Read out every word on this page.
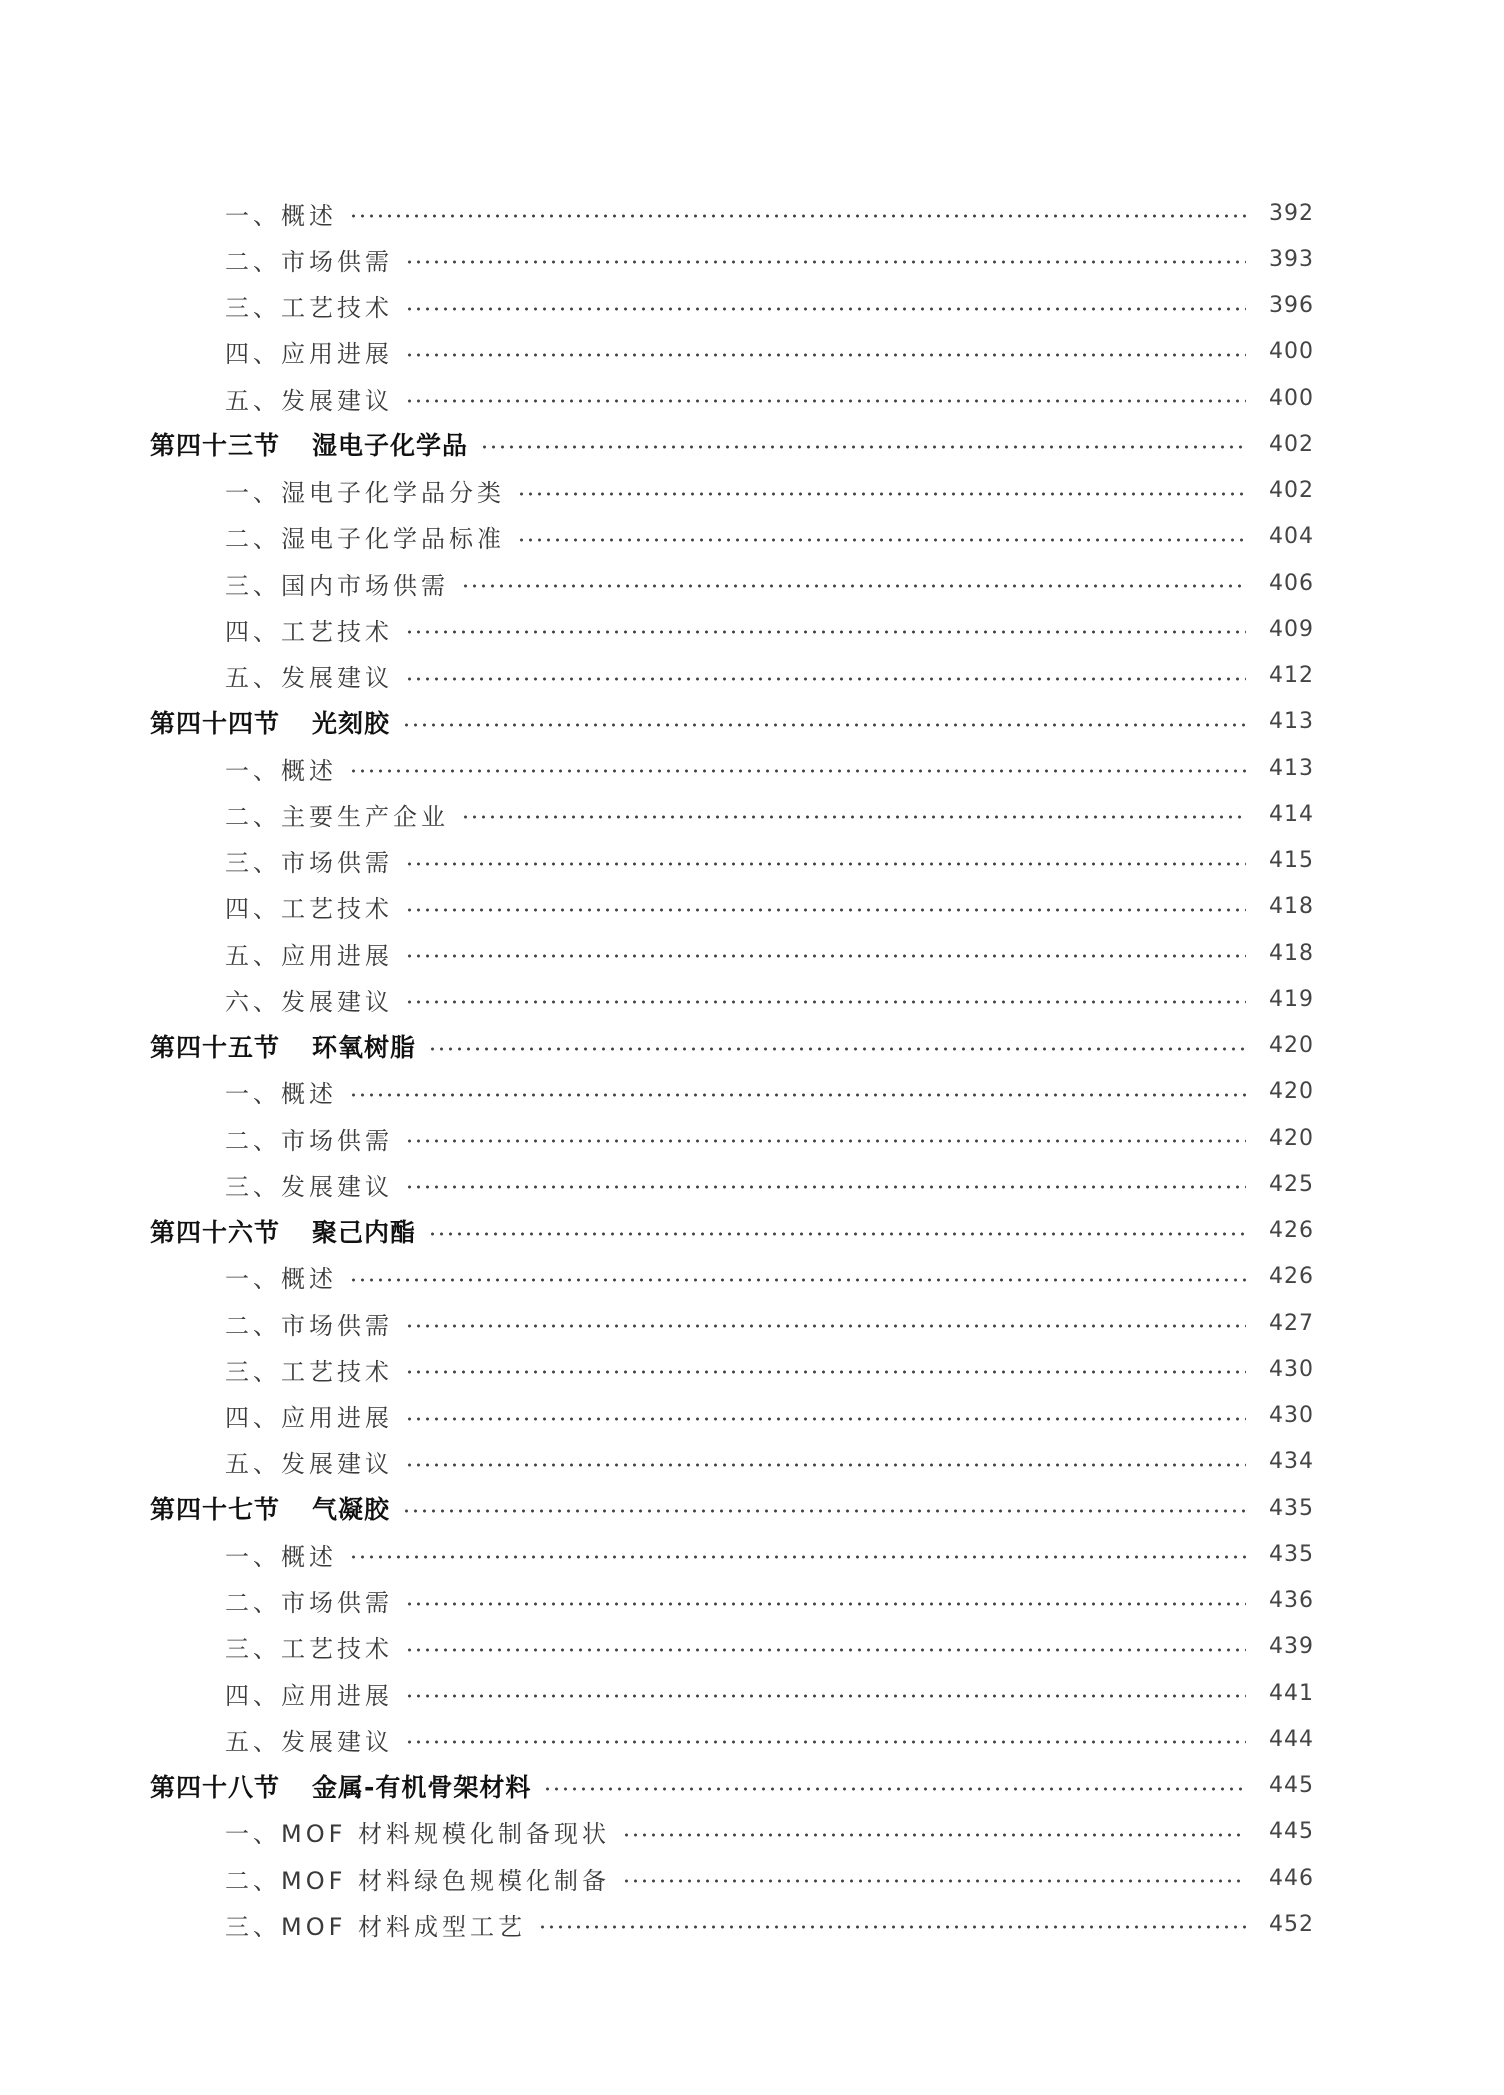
一、概述	392
二、市场供需	393
三、工艺技术	396
四、应用进展	400
五、发展建议	400
第四十三节 湿电子化学品	402
一、湿电子化学品分类	402
二、湿电子化学品标准	404
三、国内市场供需	406
四、工艺技术	409
五、发展建议	412
第四十四节 光刻胶	413
一、概述	413
二、主要生产企业	414
三、市场供需	415
四、工艺技术	418
五、应用进展	418
六、发展建议	419
第四十五节 环氧树脂	420
一、概述	420
二、市场供需	420
三、发展建议	425
第四十六节 聚己内酯	426
一、概述	426
二、市场供需	427
三、工艺技术	430
四、应用进展	430
五、发展建议	434
第四十七节 气凝胶	435
一、概述	435
二、市场供需	436
三、工艺技术	439
四、应用进展	441
五、发展建议	444
第四十八节 金属-有机骨架材料	445
一、MOF 材料规模化制备现状	445
二、MOF 材料绿色规模化制备	446
三、MOF 材料成型工艺	452
